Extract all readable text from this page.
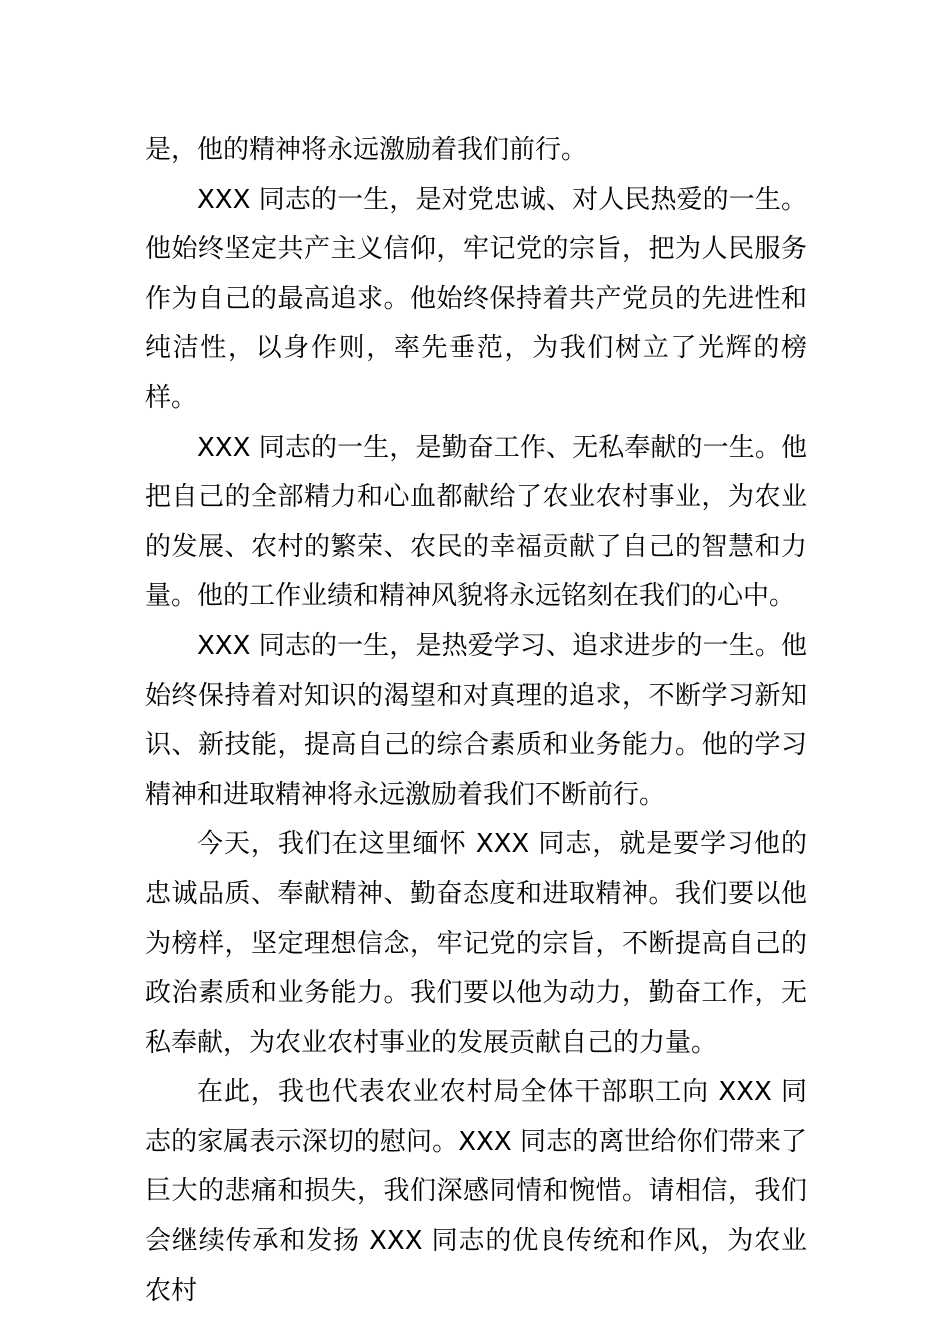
是，他的精神将永远激励着我们前行。

XXX 同志的一生，是对党忠诚、对人民热爱的一生。他始终坚定共产主义信仰，牢记党的宗旨，把为人民服务作为自己的最高追求。他始终保持着共产党员的先进性和纯洁性，以身作则，率先垂范，为我们树立了光辉的榜样。

XXX 同志的一生，是勤奋工作、无私奉献的一生。他把自己的全部精力和心血都献给了农业农村事业，为农业的发展、农村的繁荣、农民的幸福贡献了自己的智慧和力量。他的工作业绩和精神风貌将永远铭刻在我们的心中。

XXX 同志的一生，是热爱学习、追求进步的一生。他始终保持着对知识的渴望和对真理的追求，不断学习新知识、新技能，提高自己的综合素质和业务能力。他的学习精神和进取精神将永远激励着我们不断前行。

今天，我们在这里缅怀 XXX 同志，就是要学习他的忠诚品质、奉献精神、勤奋态度和进取精神。我们要以他为榜样，坚定理想信念，牢记党的宗旨，不断提高自己的政治素质和业务能力。我们要以他为动力，勤奋工作，无私奉献，为农业农村事业的发展贡献自己的力量。

在此，我也代表农业农村局全体干部职工向 XXX 同志的家属表示深切的慰问。XXX 同志的离世给你们带来了巨大的悲痛和损失，我们深感同情和惋惜。请相信，我们会继续传承和发扬 XXX 同志的优良传统和作风，为农业农村
